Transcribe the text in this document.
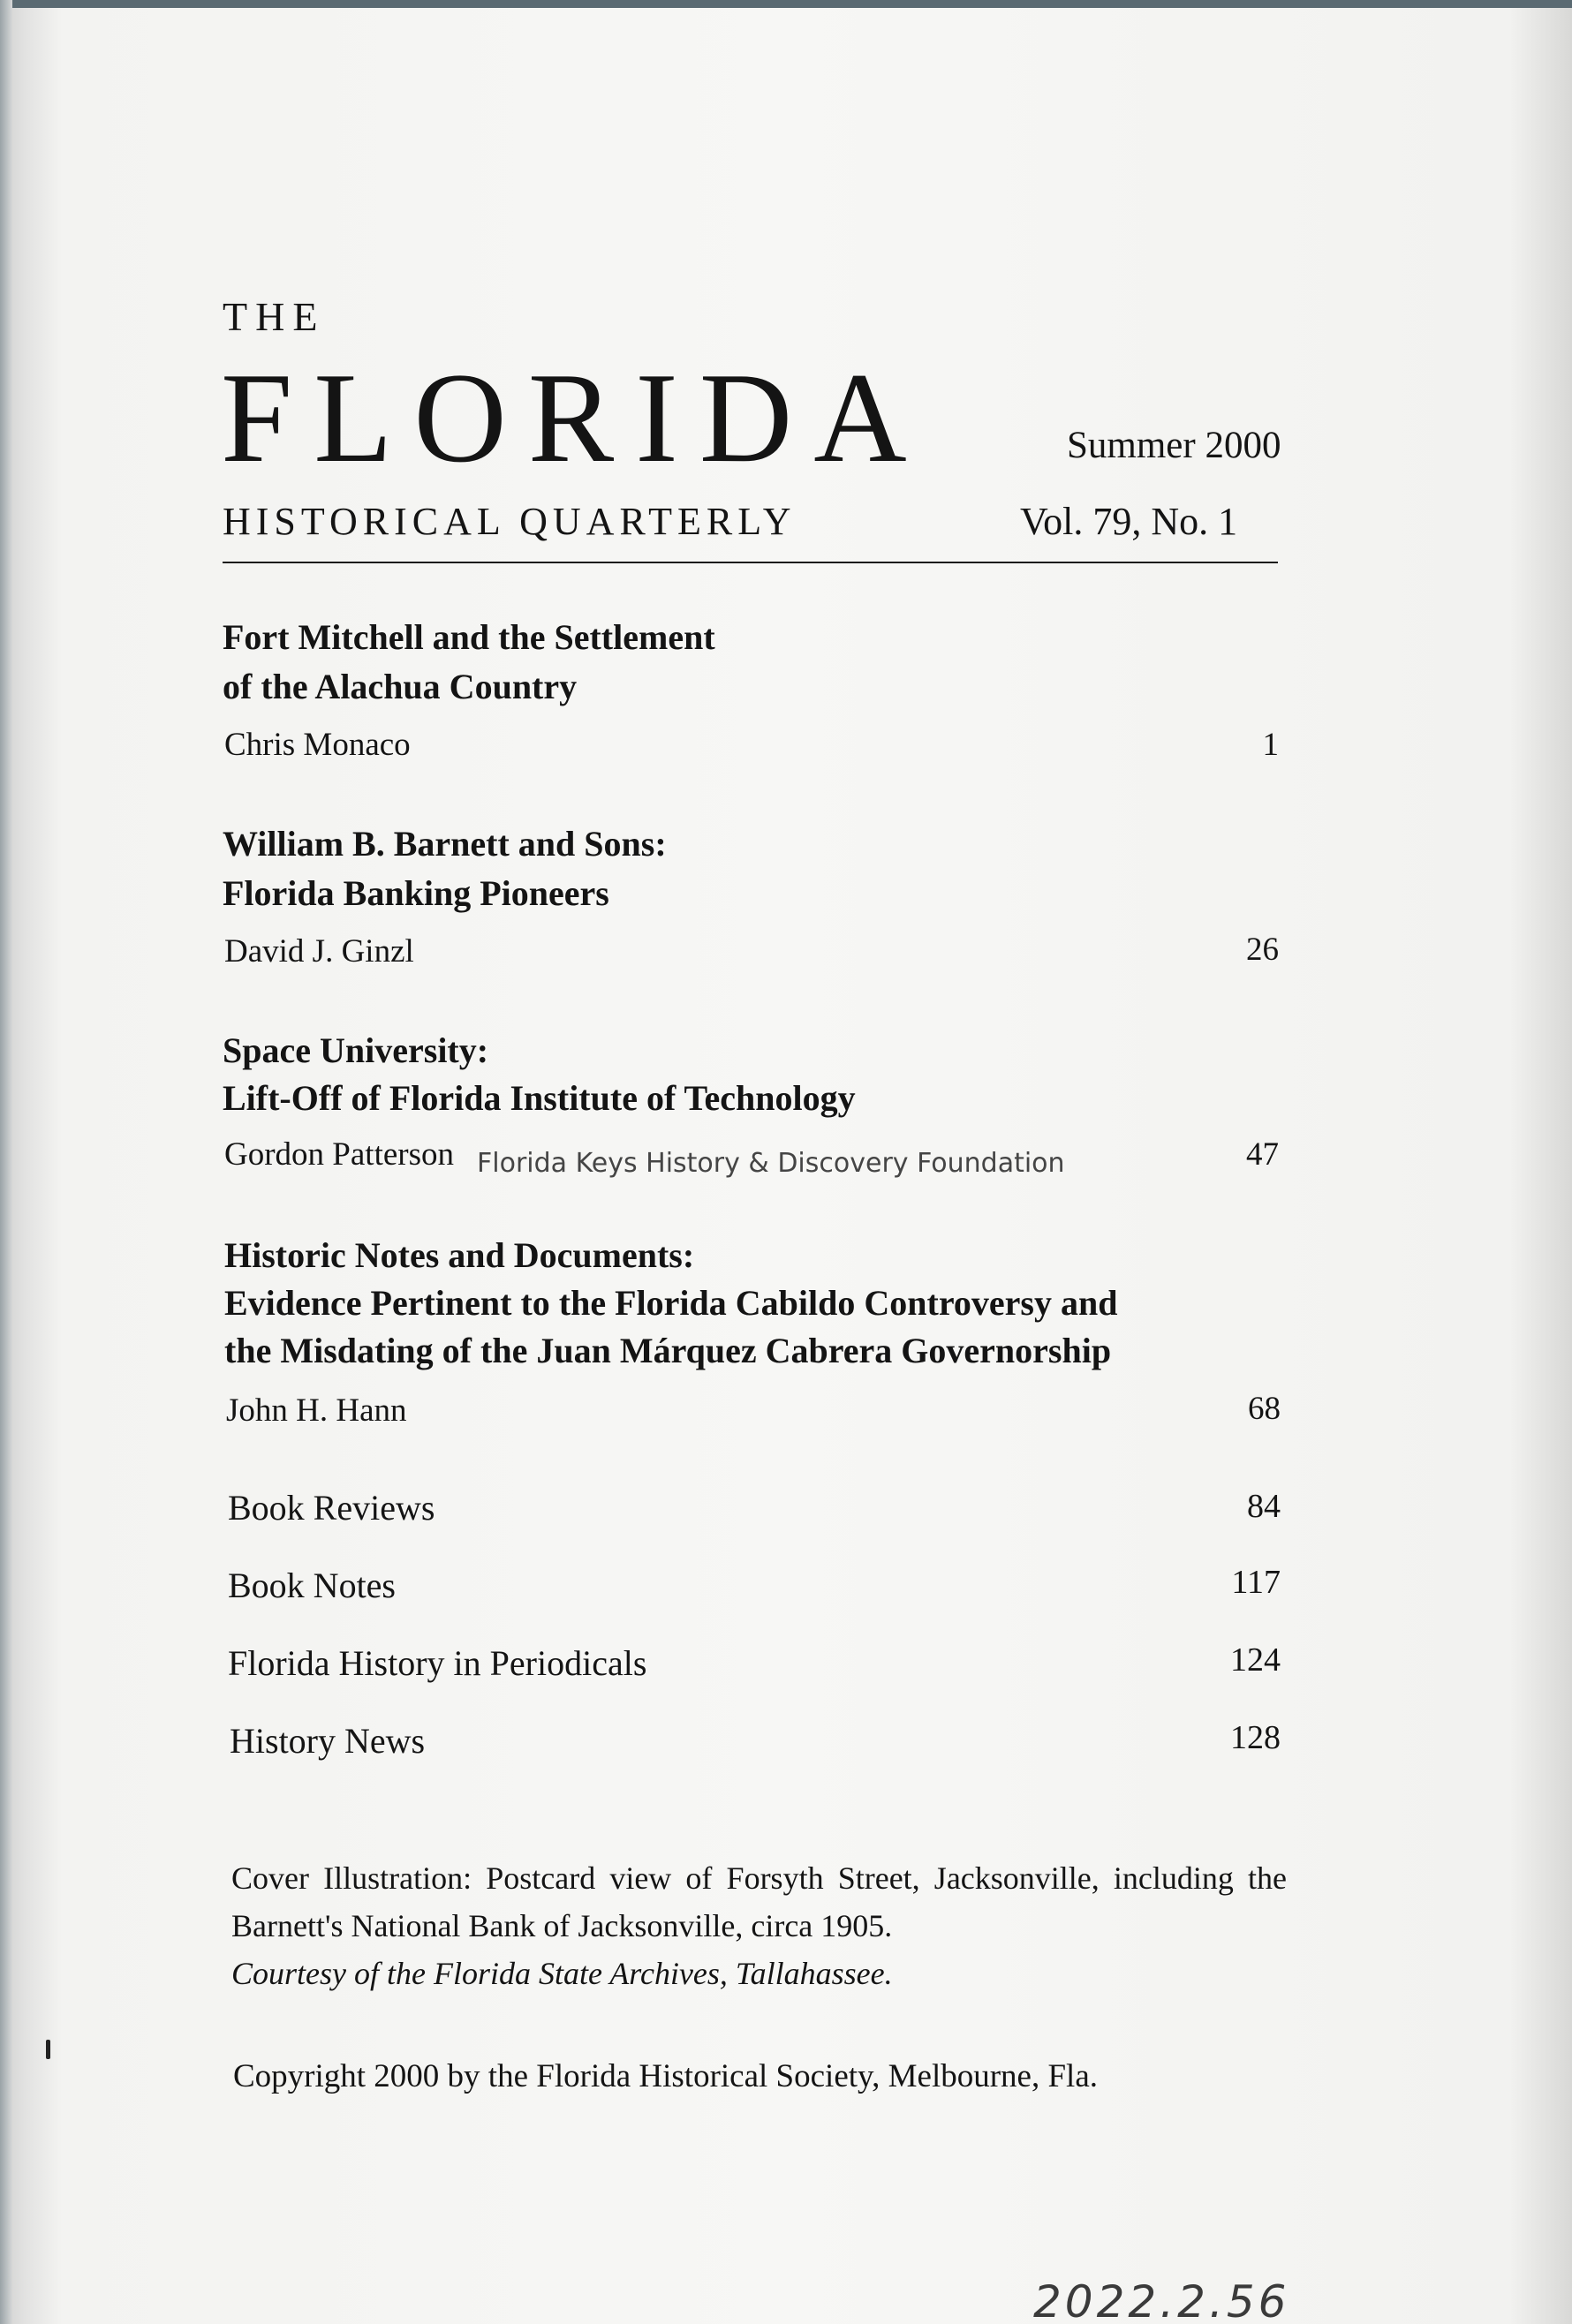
THE
FLORIDA	Summer 2000
HISTORICAL QUARTERLY	Vol. 79, No. 1
Fort Mitchell and the Settlement
of the Alachua Country
Chris Monaco	1
William B. Barnett and Sons:
Florida Banking Pioneers
David J. Ginzl	26
Space University:
Lift-Off of Florida Institute of Technology
Gordon Patterson	47
Historic Notes and Documents:
Evidence Pertinent to the Florida Cabildo Controversy and
the Misdating of the Juan Márquez Cabrera Governorship
John H. Hann	68
Book Reviews	84
Book Notes	117
Florida History in Periodicals	124
History News	128
Cover Illustration: Postcard view of Forsyth Street, Jacksonville, including the Barnett's National Bank of Jacksonville, circa 1905.
Courtesy of the Florida State Archives, Tallahassee.
Copyright 2000 by the Florida Historical Society, Melbourne, Fla.
Florida Keys History & Discovery Foundation
2022.2.56
